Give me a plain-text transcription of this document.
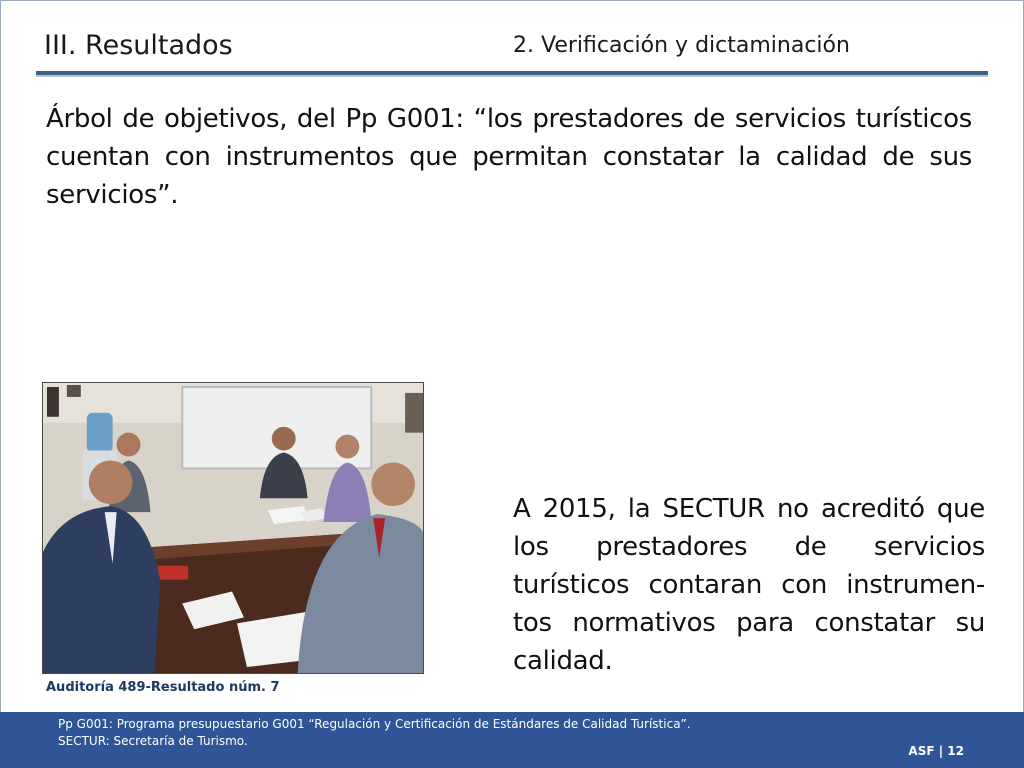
III. Resultados	2. Verificación y dictaminación
Árbol de objetivos, del Pp G001: “los prestadores de servicios turísticos cuentan con instrumentos que permitan constatar la calidad de sus servicios”.
Auditoría 489-Resultado núm. 7
A 2015, la SECTUR no acreditó que los prestadores de servicios turísticos contaran con instrumen-tos normativos para constatar su calidad.
Pp G001: Programa presupuestario G001 “Regulación y Certificación de Estándares de Calidad Turística”.
SECTUR: Secretaría de Turismo.
ASF | 12
